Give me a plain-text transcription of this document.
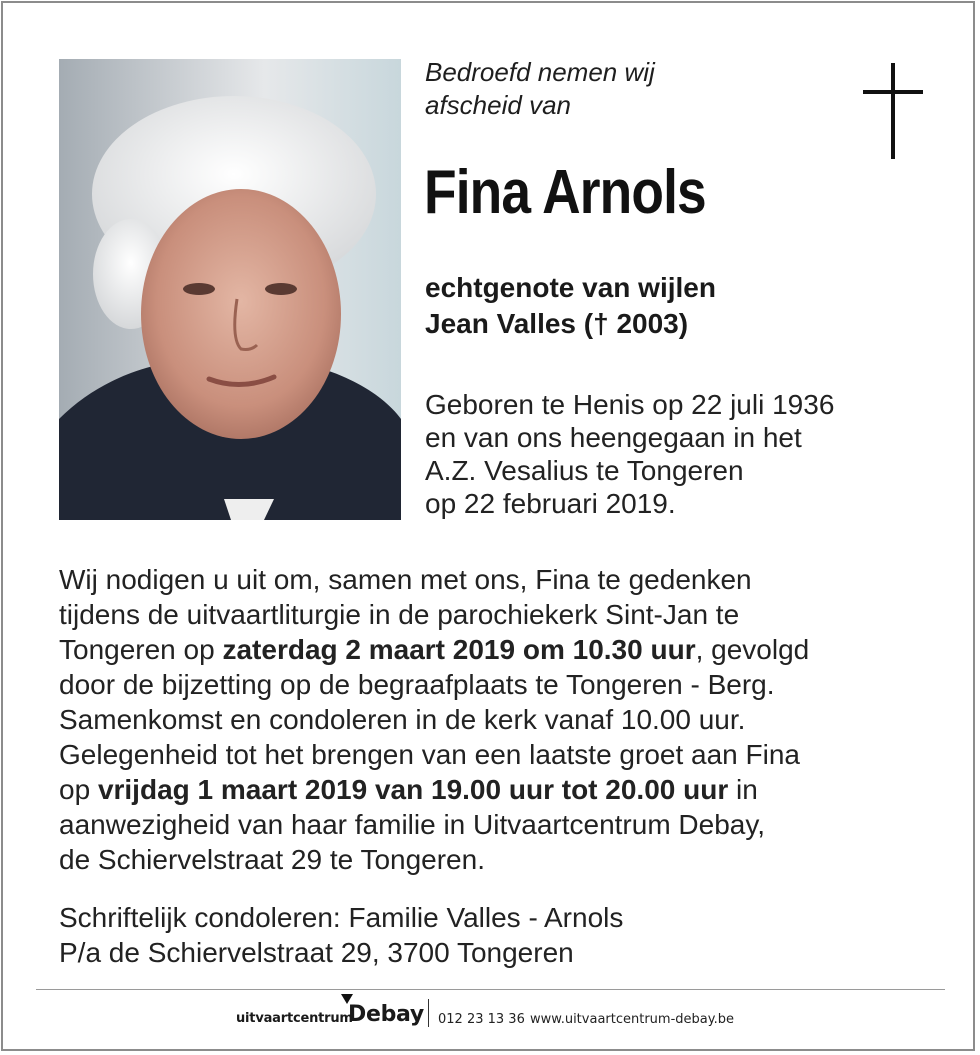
Bedroefd nemen wij
afscheid van

Fina Arnols

echtgenote van wijlen
Jean Valles († 2003)

Geboren te Henis op 22 juli 1936
en van ons heengegaan in het
A.Z. Vesalius te Tongeren
op 22 februari 2019.

Wij nodigen u uit om, samen met ons, Fina te gedenken
tijdens de uitvaartliturgie in de parochiekerk Sint-Jan te
Tongeren op zaterdag 2 maart 2019 om 10.30 uur, gevolgd
door de bijzetting op de begraafplaats te Tongeren - Berg.
Samenkomst en condoleren in de kerk vanaf 10.00 uur.
Gelegenheid tot het brengen van een laatste groet aan Fina
op vrijdag 1 maart 2019 van 19.00 uur tot 20.00 uur in
aanwezigheid van haar familie in Uitvaartcentrum Debay,
de Schiervelstraat 29 te Tongeren.

Schriftelijk condoleren: Familie Valles - Arnols
P/a de Schiervelstraat 29, 3700 Tongeren

uitvaartcentrum
Debay 012 23 13 36 www.uitvaartcentrum-debay.be
